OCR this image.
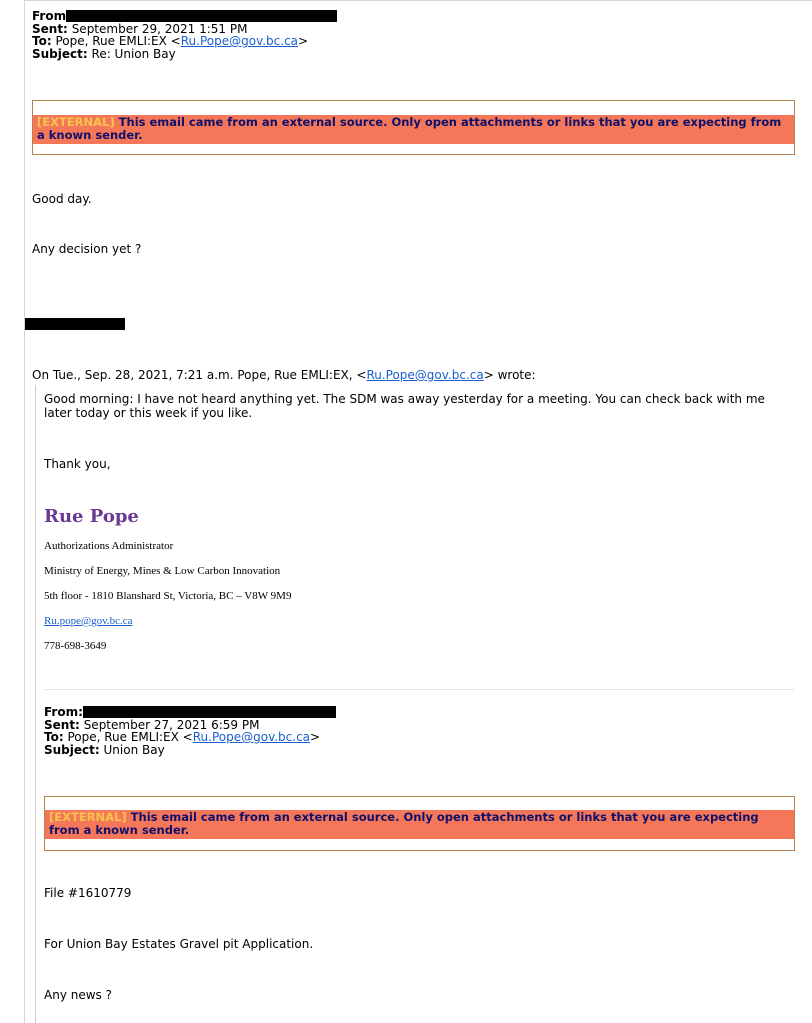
From
Sent: September 29, 2021 1:51 PM
To: Pope, Rue EMLI:EX <Ru.Pope@gov.bc.ca>
Subject: Re: Union Bay
[EXTERNAL] This email came from an external source. Only open attachments or links that you are expecting from a known sender.
Good day.
Any decision yet ?
On Tue., Sep. 28, 2021, 7:21 a.m. Pope, Rue EMLI:EX, <Ru.Pope@gov.bc.ca> wrote:
Good morning: I have not heard anything yet. The SDM was away yesterday for a meeting. You can check back with me later today or this week if you like.
Thank you,
Rue Pope
Authorizations Administrator
Ministry of Energy, Mines & Low Carbon Innovation
5th floor - 1810 Blanshard St, Victoria, BC – V8W 9M9
Ru.pope@gov.bc.ca
778-698-3649
From:
Sent: September 27, 2021 6:59 PM
To: Pope, Rue EMLI:EX <Ru.Pope@gov.bc.ca>
Subject: Union Bay
[EXTERNAL] This email came from an external source. Only open attachments or links that you are expecting from a known sender.
File #1610779
For Union Bay Estates Gravel pit Application.
Any news ?
